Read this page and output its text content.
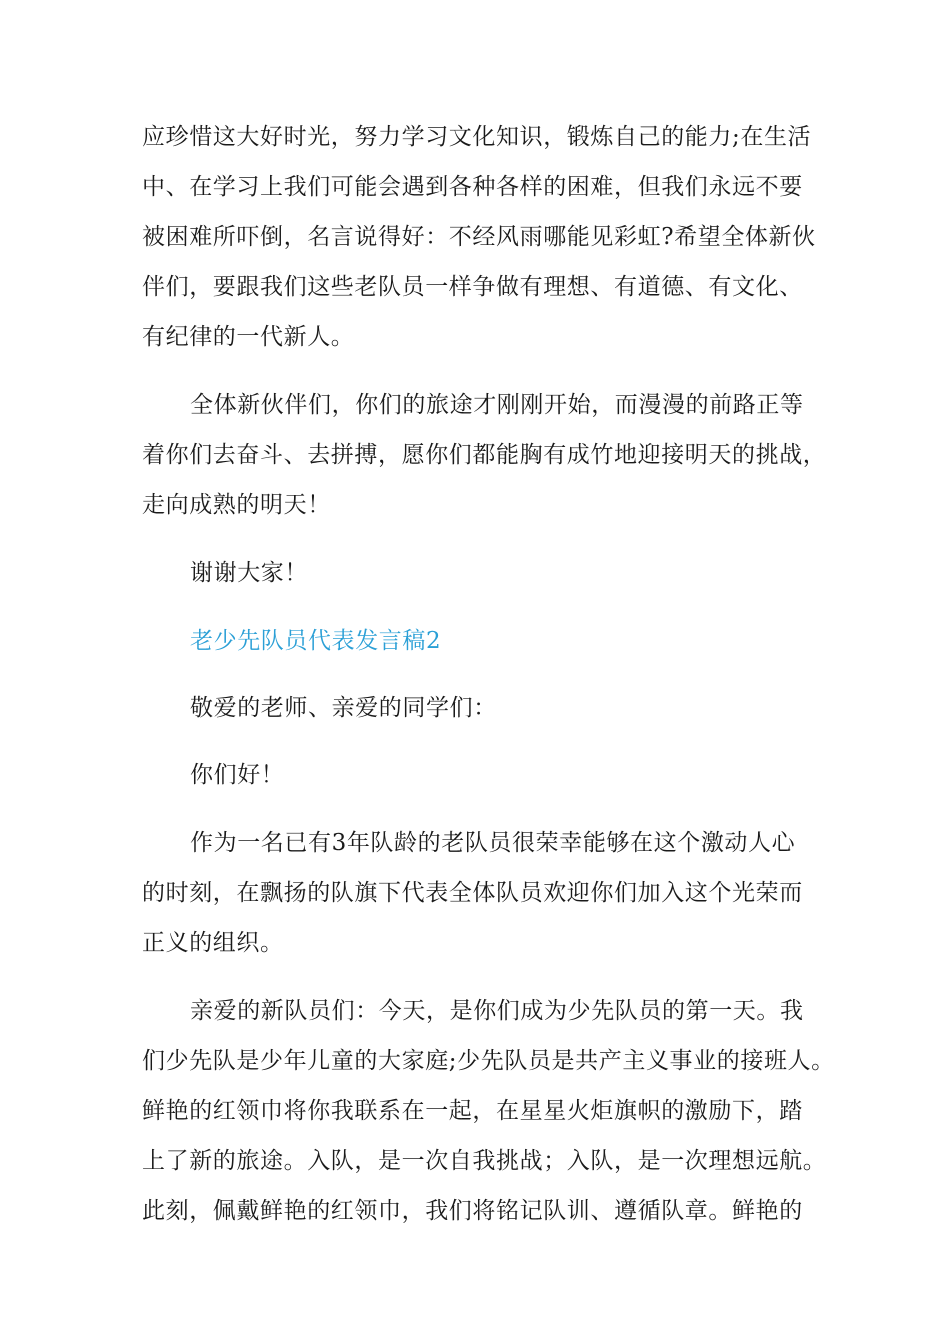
应珍惜这大好时光，努力学习文化知识，锻炼自己的能力;在生活
中、在学习上我们可能会遇到各种各样的困难，但我们永远不要
被困难所吓倒，名言说得好：不经风雨哪能见彩虹?希望全体新伙
伴们，要跟我们这些老队员一样争做有理想、有道德、有文化、
有纪律的一代新人。
全体新伙伴们，你们的旅途才刚刚开始，而漫漫的前路正等
着你们去奋斗、去拼搏，愿你们都能胸有成竹地迎接明天的挑战，
走向成熟的明天！
谢谢大家！
老少先队员代表发言稿2
敬爱的老师、亲爱的同学们：
你们好！
作为一名已有3年队龄的老队员很荣幸能够在这个激动人心
的时刻，在飘扬的队旗下代表全体队员欢迎你们加入这个光荣而
正义的组织。
亲爱的新队员们：今天，是你们成为少先队员的第一天。我
们少先队是少年儿童的大家庭;少先队员是共产主义事业的接班人。
鲜艳的红领巾将你我联系在一起，在星星火炬旗帜的激励下，踏
上了新的旅途。入队，是一次自我挑战；入队，是一次理想远航。
此刻，佩戴鲜艳的红领巾，我们将铭记队训、遵循队章。鲜艳的
